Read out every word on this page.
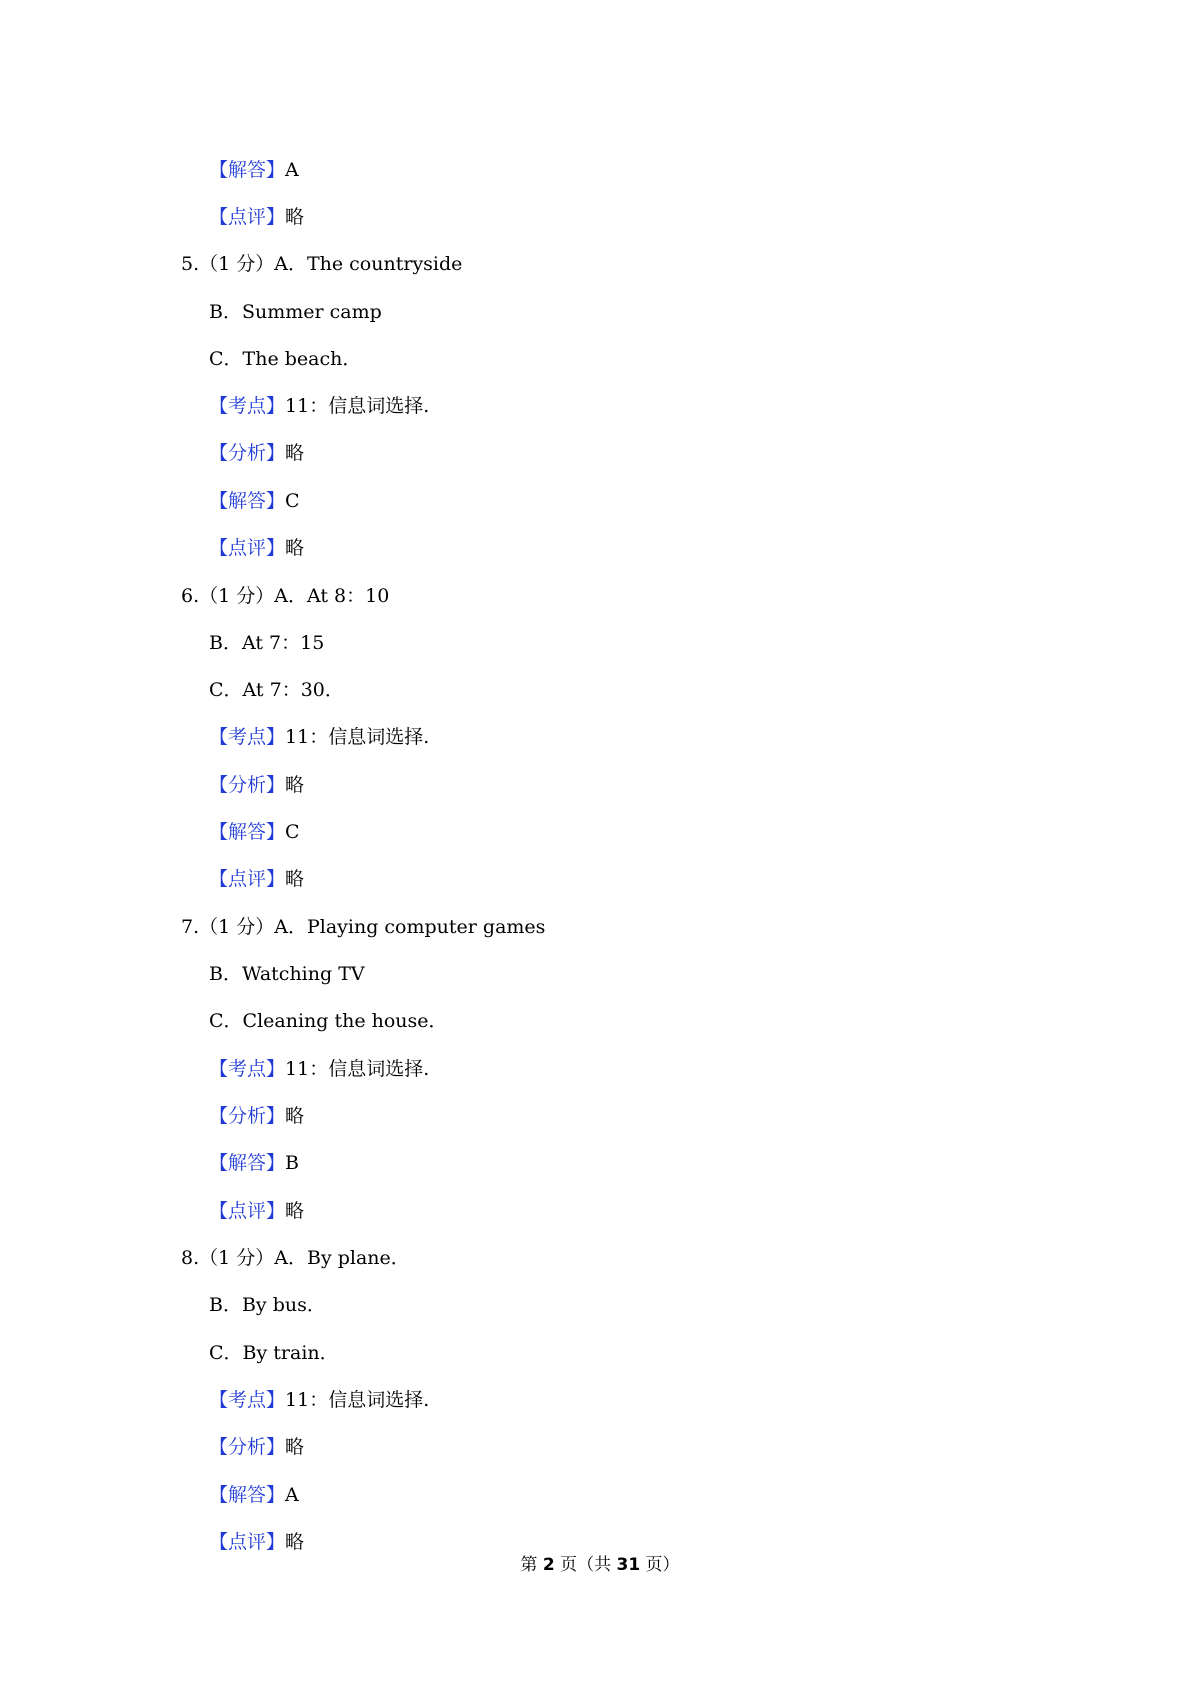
【解答】A
【点评】略
5.（1 分）A．The countryside
B．Summer camp
C．The beach．
【考点】11：信息词选择.
【分析】略
【解答】C
【点评】略
6.（1 分）A．At 8：10
B．At 7：15
C．At 7：30．
【考点】11：信息词选择.
【分析】略
【解答】C
【点评】略
7.（1 分）A．Playing computer games
B．Watching TV
C．Cleaning the house．
【考点】11：信息词选择.
【分析】略
【解答】B
【点评】略
8.（1 分）A．By plane．
B．By bus．
C．By train．
【考点】11：信息词选择.
【分析】略
【解答】A
【点评】略
第 2 页（共 31 页）
